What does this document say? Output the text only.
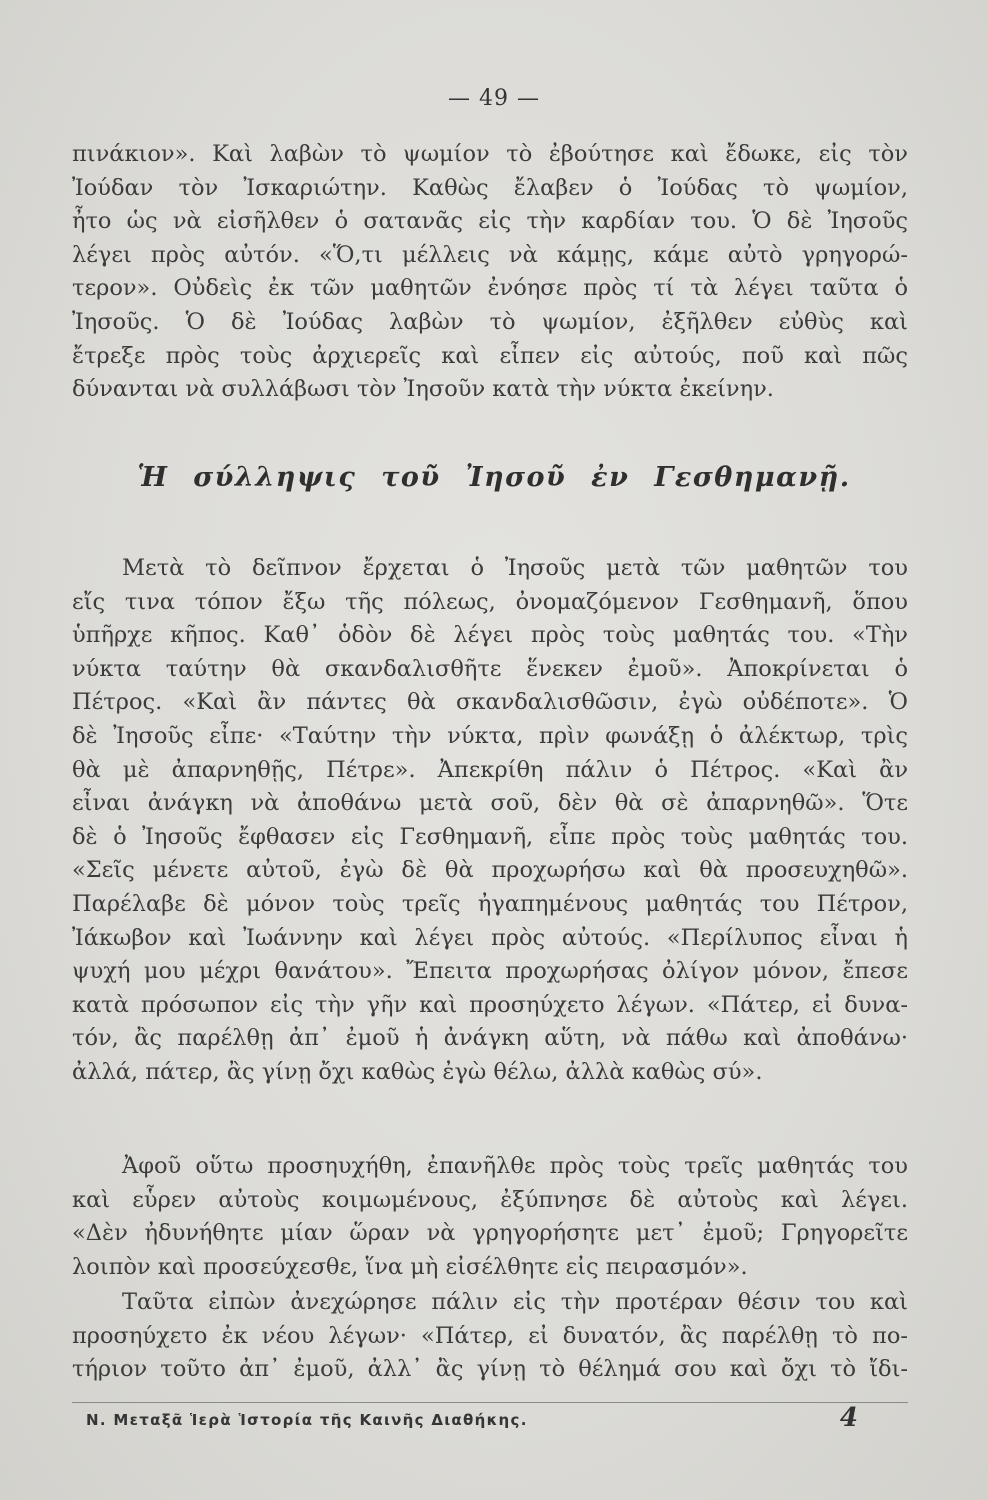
— 49 —
πινάκιον». Καὶ λαβὼν τὸ ψωμίον τὸ ἐβούτησε καὶ ἔδωκε, εἰς τὸν
Ἰούδαν τὸν Ἰσκαριώτην. Καθὼς ἔλαβεν ὁ Ἰούδας τὸ ψωμίον,
ἦτο ὡς νὰ εἰσῆλθεν ὁ σατανᾶς εἰς τὴν καρδίαν του. Ὁ δὲ Ἰησοῦς
λέγει πρὸς αὐτόν. «Ὅ,τι μέλλεις νὰ κάμῃς, κάμε αὐτὸ γρηγορώ-
τερον». Οὐδεὶς ἐκ τῶν μαθητῶν ἐνόησε πρὸς τί τὰ λέγει ταῦτα ὁ
Ἰησοῦς. Ὁ δὲ Ἰούδας λαβὼν τὸ ψωμίον, ἐξῆλθεν εὐθὺς καὶ
ἔτρεξε πρὸς τοὺς ἀρχιερεῖς καὶ εἶπεν εἰς αὐτούς, ποῦ καὶ πῶς
δύνανται νὰ συλλάβωσι τὸν Ἰησοῦν κατὰ τὴν νύκτα ἐκείνην.
Ἡ σύλληψις τοῦ Ἰησοῦ ἐν Γεσθημανῇ.
Μετὰ τὸ δεῖπνον ἔρχεται ὁ Ἰησοῦς μετὰ τῶν μαθητῶν του
εἴς τινα τόπον ἔξω τῆς πόλεως, ὀνομαζόμενον Γεσθημανῆ, ὅπου
ὑπῆρχε κῆπος. Καθ᾽ ὁδὸν δὲ λέγει πρὸς τοὺς μαθητάς του. «Τὴν
νύκτα ταύτην θὰ σκανδαλισθῆτε ἕνεκεν ἐμοῦ». Ἀποκρίνεται ὁ
Πέτρος. «Καὶ ἂν πάντες θὰ σκανδαλισθῶσιν, ἐγὼ οὐδέποτε». Ὁ
δὲ Ἰησοῦς εἶπε· «Ταύτην τὴν νύκτα, πρὶν φωνάξῃ ὁ ἀλέκτωρ, τρὶς
θὰ μὲ ἀπαρνηθῇς, Πέτρε». Ἀπεκρίθη πάλιν ὁ Πέτρος. «Καὶ ἂν
εἶναι ἀνάγκη νὰ ἀποθάνω μετὰ σοῦ, δὲν θὰ σὲ ἀπαρνηθῶ». Ὅτε
δὲ ὁ Ἰησοῦς ἔφθασεν εἰς Γεσθημανῆ, εἶπε πρὸς τοὺς μαθητάς του.
«Σεῖς μένετε αὐτοῦ, ἐγὼ δὲ θὰ προχωρήσω καὶ θὰ προσευχηθῶ».
Παρέλαβε δὲ μόνον τοὺς τρεῖς ἠγαπημένους μαθητάς του Πέτρον,
Ἰάκωβον καὶ Ἰωάννην καὶ λέγει πρὸς αὐτούς. «Περίλυπος εἶναι ἡ
ψυχή μου μέχρι θανάτου». Ἔπειτα προχωρήσας ὀλίγον μόνον, ἔπεσε
κατὰ πρόσωπον εἰς τὴν γῆν καὶ προσηύχετο λέγων. «Πάτερ, εἰ δυνα-
τόν, ἂς παρέλθῃ ἀπ᾽ ἐμοῦ ἡ ἀνάγκη αὕτη, νὰ πάθω καὶ ἀποθάνω·
ἀλλά, πάτερ, ἂς γίνῃ ὄχι καθὼς ἐγὼ θέλω, ἀλλὰ καθὼς σύ».
Ἀφοῦ οὕτω προσηυχήθη, ἐπανῆλθε πρὸς τοὺς τρεῖς μαθητάς του
καὶ εὗρεν αὐτοὺς κοιμωμένους, ἐξύπνησε δὲ αὐτοὺς καὶ λέγει.
«Δὲν ἠδυνήθητε μίαν ὥραν νὰ γρηγορήσητε μετ᾽ ἐμοῦ; Γρηγορεῖτε
λοιπὸν καὶ προσεύχεσθε, ἵνα μὴ εἰσέλθητε εἰς πειρασμόν».
Ταῦτα εἰπὼν ἀνεχώρησε πάλιν εἰς τὴν προτέραν θέσιν του καὶ
προσηύχετο ἐκ νέου λέγων· «Πάτερ, εἰ δυνατόν, ἂς παρέλθῃ τὸ πο-
τήριον τοῦτο ἀπ᾽ ἐμοῦ, ἀλλ᾽ ἂς γίνῃ τὸ θέλημά σου καὶ ὄχι τὸ ἴδι-
Ν. Μεταξᾶ Ἱερὰ Ἱστορία τῆς Καινῆς Διαθήκης.	4
